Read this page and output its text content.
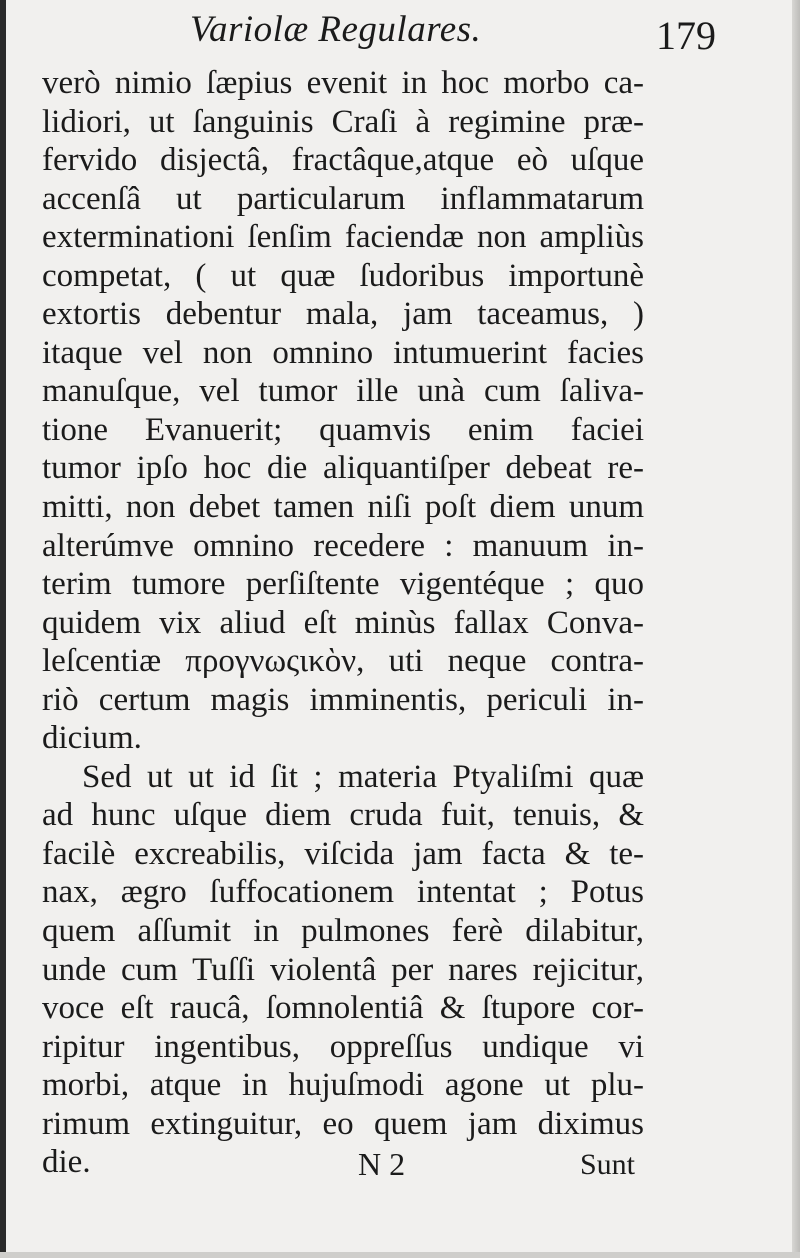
Variolæ Regulares.	179
verò nimio ſæpius evenit in hoc morbo ca-
lidiori, ut ſanguinis Craſi à regimine præ-
fervido disjectâ, fractâque,atque eò uſque
accenſâ ut particularum inflammatarum
exterminationi ſenſim faciendæ non ampliùs
competat, ( ut quæ ſudoribus importunè
extortis debentur mala, jam taceamus, )
itaque vel non omnino intumuerint facies
manuſque, vel tumor ille unà cum ſaliva-
tione Evanuerit; quamvis enim faciei
tumor ipſo hoc die aliquantiſper debeat re-
mitti, non debet tamen niſi poſt diem unum
alterúmve omnino recedere : manuum in-
terim tumore perſiſtente vigentéque ; quo
quidem vix aliud eſt minùs fallax Conva-
leſcentiæ προγνωςικὸν, uti neque contra-
riò certum magis imminentis, periculi in-
dicium.
Sed ut ut id ſit ; materia Ptyaliſmi quæ
ad hunc uſque diem cruda fuit, tenuis, &
facilè excreabilis, viſcida jam facta & te-
nax, ægro ſuffocationem intentat ; Potus
quem aſſumit in pulmones ferè dilabitur,
unde cum Tuſſi violentâ per nares rejicitur,
voce eſt raucâ, ſomnolentiâ & ſtupore cor-
ripitur ingentibus, oppreſſus undique vi
morbi, atque in hujuſmodi agone ut plu-
rimum extinguitur, eo quem jam diximus
die.	N 2	Sunt
